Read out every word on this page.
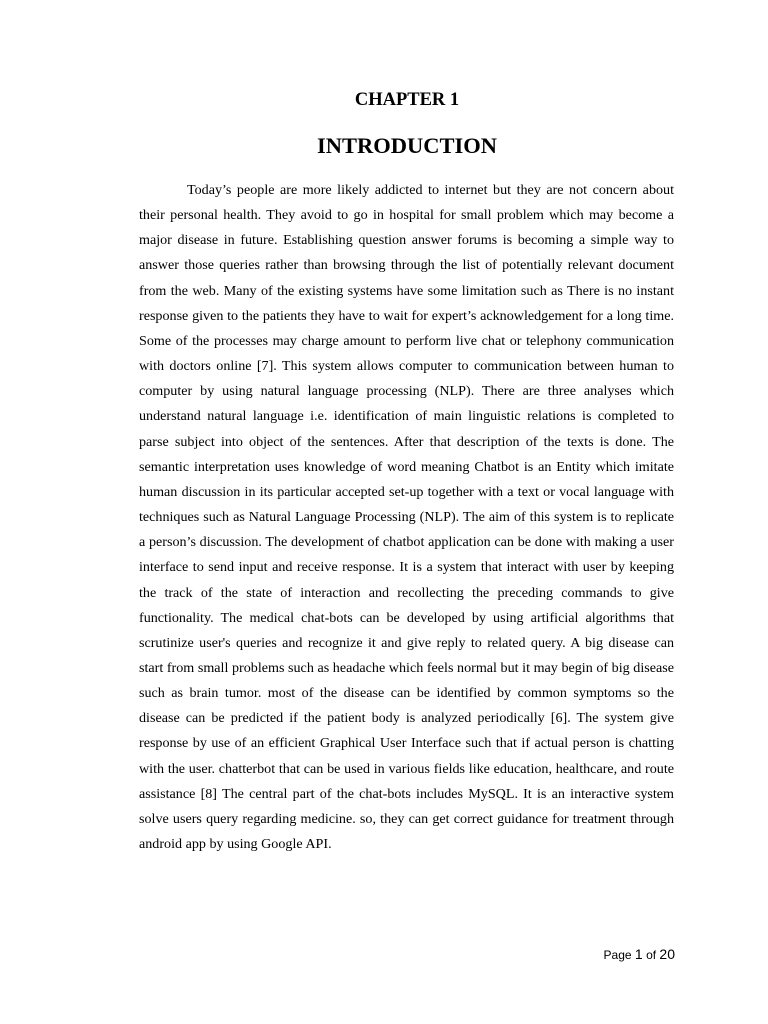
CHAPTER 1
INTRODUCTION

Today’s people are more likely addicted to internet but they are not concern about their personal health. They avoid to go in hospital for small problem which may become a major disease in future. Establishing question answer forums is becoming a simple way to answer those queries rather than browsing through the list of potentially relevant document from the web. Many of the existing systems have some limitation such as There is no instant response given to the patients they have to wait for expert’s acknowledgement for a long time. Some of the processes may charge amount to perform live chat or telephony communication with doctors online [7]. This system allows computer to communication between human to computer by using natural language processing (NLP). There are three analyses which understand natural language i.e. identification of main linguistic relations is completed to parse subject into object of the sentences. After that description of the texts is done. The semantic interpretation uses knowledge of word meaning Chatbot is an Entity which imitate human discussion in its particular accepted set-up together with a text or vocal language with techniques such as Natural Language Processing (NLP). The aim of this system is to replicate a person’s discussion. The development of chatbot application can be done with making a user interface to send input and receive response. It is a system that interact with user by keeping the track of the state of interaction and recollecting the preceding commands to give functionality. The medical chat-bots can be developed by using artificial algorithms that scrutinize user's queries and recognize it and give reply to related query. A big disease can start from small problems such as headache which feels normal but it may begin of big disease such as brain tumor. most of the disease can be identified by common symptoms so the disease can be predicted if the patient body is analyzed periodically [6]. The system give response by use of an efficient Graphical User Interface such that if actual person is chatting with the user. chatterbot that can be used in various fields like education, healthcare, and route assistance [8] The central part of the chat-bots includes MySQL. It is an interactive system solve users query regarding medicine. so, they can get correct guidance for treatment through android app by using Google API.

Page 1 of 20
